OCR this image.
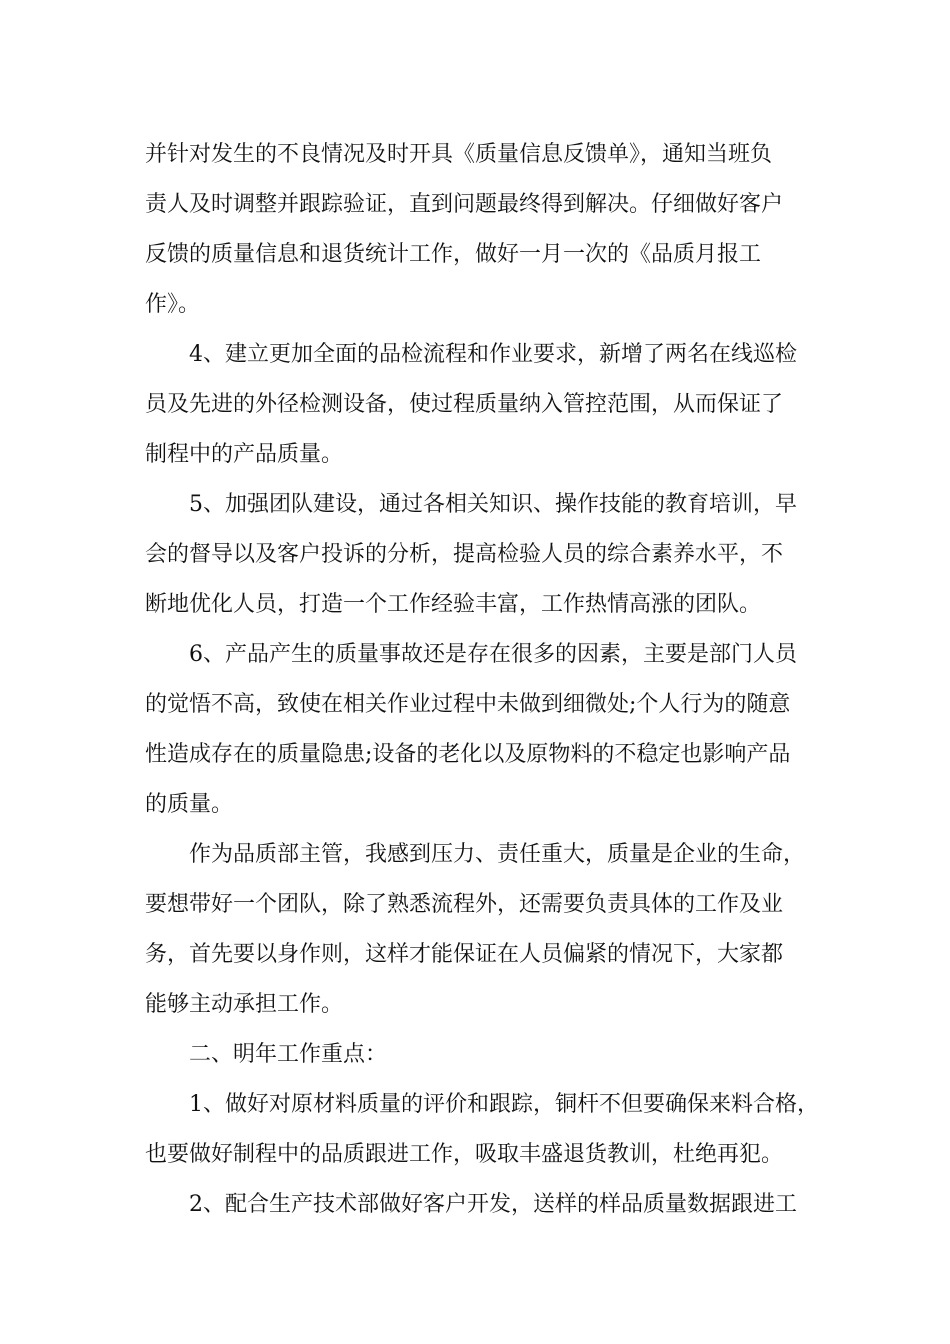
并针对发生的不良情况及时开具《质量信息反馈单》，通知当班负
责人及时调整并跟踪验证，直到问题最终得到解决。仔细做好客户
反馈的质量信息和退货统计工作，做好一月一次的《品质月报工
作》。
　　4、建立更加全面的品检流程和作业要求，新增了两名在线巡检
员及先进的外径检测设备，使过程质量纳入管控范围，从而保证了
制程中的产品质量。
　　5、加强团队建设，通过各相关知识、操作技能的教育培训，早
会的督导以及客户投诉的分析，提高检验人员的综合素养水平，不
断地优化人员，打造一个工作经验丰富，工作热情高涨的团队。
　　6、产品产生的质量事故还是存在很多的因素，主要是部门人员
的觉悟不高，致使在相关作业过程中未做到细微处;个人行为的随意
性造成存在的质量隐患;设备的老化以及原物料的不稳定也影响产品
的质量。
　　作为品质部主管，我感到压力、责任重大，质量是企业的生命，
要想带好一个团队，除了熟悉流程外，还需要负责具体的工作及业
务，首先要以身作则，这样才能保证在人员偏紧的情况下，大家都
能够主动承担工作。
　　二、明年工作重点：
　　1、做好对原材料质量的评价和跟踪，铜杆不但要确保来料合格，
也要做好制程中的品质跟进工作，吸取丰盛退货教训，杜绝再犯。
　　2、配合生产技术部做好客户开发，送样的样品质量数据跟进工
